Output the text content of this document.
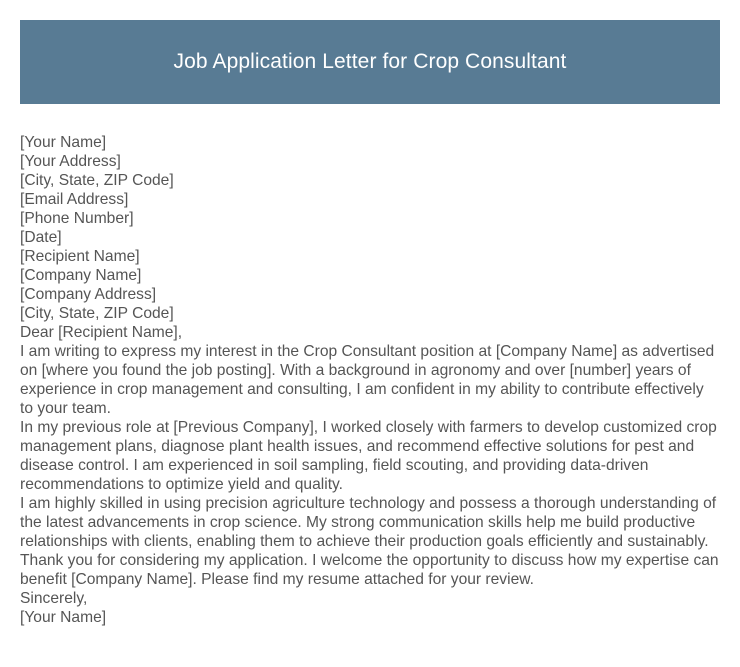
Job Application Letter for Crop Consultant
[Your Name]
[Your Address]
[City, State, ZIP Code]
[Email Address]
[Phone Number]
[Date]
[Recipient Name]
[Company Name]
[Company Address]
[City, State, ZIP Code]
Dear [Recipient Name],
I am writing to express my interest in the Crop Consultant position at [Company Name] as advertised on [where you found the job posting]. With a background in agronomy and over [number] years of experience in crop management and consulting, I am confident in my ability to contribute effectively to your team.
In my previous role at [Previous Company], I worked closely with farmers to develop customized crop management plans, diagnose plant health issues, and recommend effective solutions for pest and disease control. I am experienced in soil sampling, field scouting, and providing data-driven recommendations to optimize yield and quality.
I am highly skilled in using precision agriculture technology and possess a thorough understanding of the latest advancements in crop science. My strong communication skills help me build productive relationships with clients, enabling them to achieve their production goals efficiently and sustainably.
Thank you for considering my application. I welcome the opportunity to discuss how my expertise can benefit [Company Name]. Please find my resume attached for your review.
Sincerely,
[Your Name]
